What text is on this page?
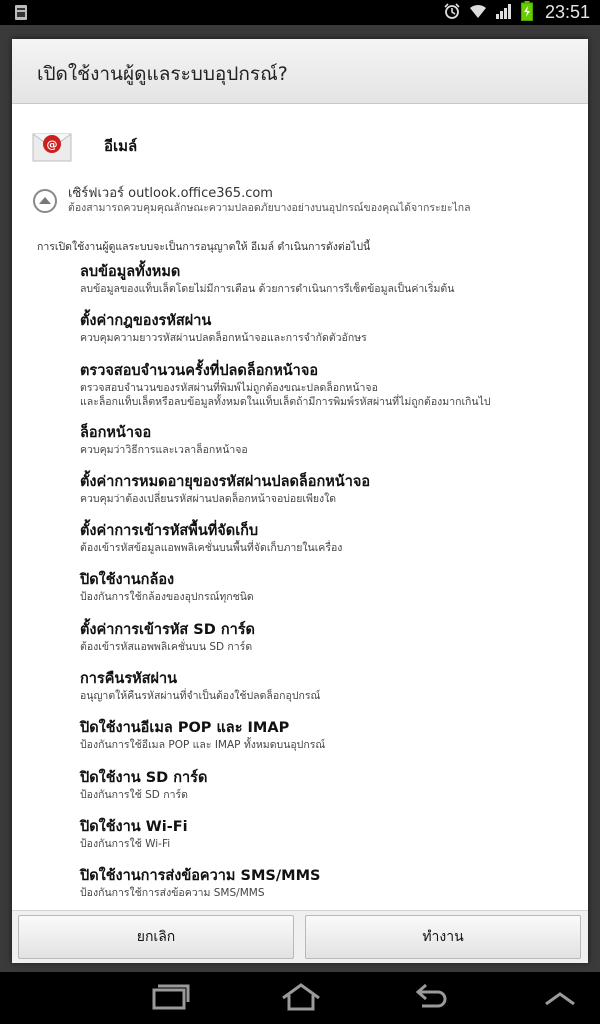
23:51
เปิดใช้งานผู้ดูแลระบบอุปกรณ์?
@	อีเมล์
เซิร์ฟเวอร์ outlook.office365.com
ต้องสามารถควบคุมคุณลักษณะความปลอดภัยบางอย่างบนอุปกรณ์ของคุณได้จากระยะไกล
การเปิดใช้งานผู้ดูแลระบบจะเป็นการอนุญาตให้ อีเมล์ ดำเนินการดังต่อไปนี้
ลบข้อมูลทั้งหมด
ลบข้อมูลของแท็บเล็ตโดยไม่มีการเตือน ด้วยการดำเนินการรีเซ็ตข้อมูลเป็นค่าเริ่มต้น
ตั้งค่ากฎของรหัสผ่าน
ควบคุมความยาวรหัสผ่านปลดล็อกหน้าจอและการจำกัดตัวอักษร
ตรวจสอบจำนวนครั้งที่ปลดล็อกหน้าจอ
ตรวจสอบจำนวนของรหัสผ่านที่พิมพ์ไม่ถูกต้องขณะปลดล็อกหน้าจอ
และล็อกแท็บเล็ตหรือลบข้อมูลทั้งหมดในแท็บเล็ตถ้ามีการพิมพ์รหัสผ่านที่ไม่ถูกต้องมากเกินไป
ล็อกหน้าจอ
ควบคุมว่าวิธีการและเวลาล็อกหน้าจอ
ตั้งค่าการหมดอายุของรหัสผ่านปลดล็อกหน้าจอ
ควบคุมว่าต้องเปลี่ยนรหัสผ่านปลดล็อกหน้าจอบ่อยเพียงใด
ตั้งค่าการเข้ารหัสพื้นที่จัดเก็บ
ต้องเข้ารหัสข้อมูลแอพพลิเคชั่นบนพื้นที่จัดเก็บภายในเครื่อง
ปิดใช้งานกล้อง
ป้องกันการใช้กล้องของอุปกรณ์ทุกชนิด
ตั้งค่าการเข้ารหัส SD การ์ด
ต้องเข้ารหัสแอพพลิเคชั่นบน SD การ์ด
การคืนรหัสผ่าน
อนุญาตให้คืนรหัสผ่านที่จำเป็นต้องใช้ปลดล็อกอุปกรณ์
ปิดใช้งานอีเมล POP และ IMAP
ป้องกันการใช้อีเมล POP และ IMAP ทั้งหมดบนอุปกรณ์
ปิดใช้งาน SD การ์ด
ป้องกันการใช้ SD การ์ด
ปิดใช้งาน Wi-Fi
ป้องกันการใช้ Wi-Fi
ปิดใช้งานการส่งข้อความ SMS/MMS
ป้องกันการใช้การส่งข้อความ SMS/MMS
ยกเลิก	ทำงาน
